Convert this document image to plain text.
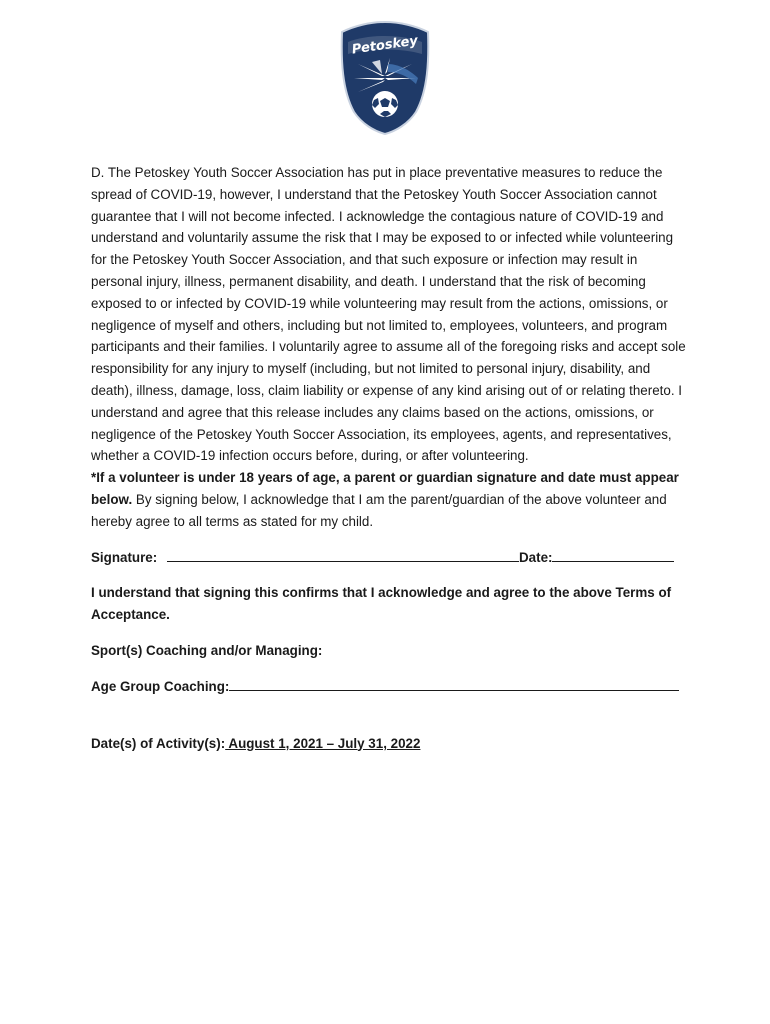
Petoskey

D. The Petoskey Youth Soccer Association has put in place preventative measures to reduce the spread of COVID-19, however, I understand that the Petoskey Youth Soccer Association cannot guarantee that I will not become infected. I acknowledge the contagious nature of COVID-19 and understand and voluntarily assume the risk that I may be exposed to or infected while volunteering for the Petoskey Youth Soccer Association, and that such exposure or infection may result in personal injury, illness, permanent disability, and death. I understand that the risk of becoming exposed to or infected by COVID-19 while volunteering may result from the actions, omissions, or negligence of myself and others, including but not limited to, employees, volunteers, and program participants and their families. I voluntarily agree to assume all of the foregoing risks and accept sole responsibility for any injury to myself (including, but not limited to personal injury, disability, and death), illness, damage, loss, claim liability or expense of any kind arising out of or relating thereto. I understand and agree that this release includes any claims based on the actions, omissions, or negligence of the Petoskey Youth Soccer Association, its employees, agents, and representatives, whether a COVID-19 infection occurs before, during, or after volunteering.

*If a volunteer is under 18 years of age, a parent or guardian signature and date must appear below. By signing below, I acknowledge that I am the parent/guardian of the above volunteer and hereby agree to all terms as stated for my child.

Signature:	Date:

I understand that signing this confirms that I acknowledge and agree to the above Terms of Acceptance.

Sport(s) Coaching and/or Managing:
Age Group Coaching:
Date(s) of Activity(s): August 1, 2021 – July 31, 2022
